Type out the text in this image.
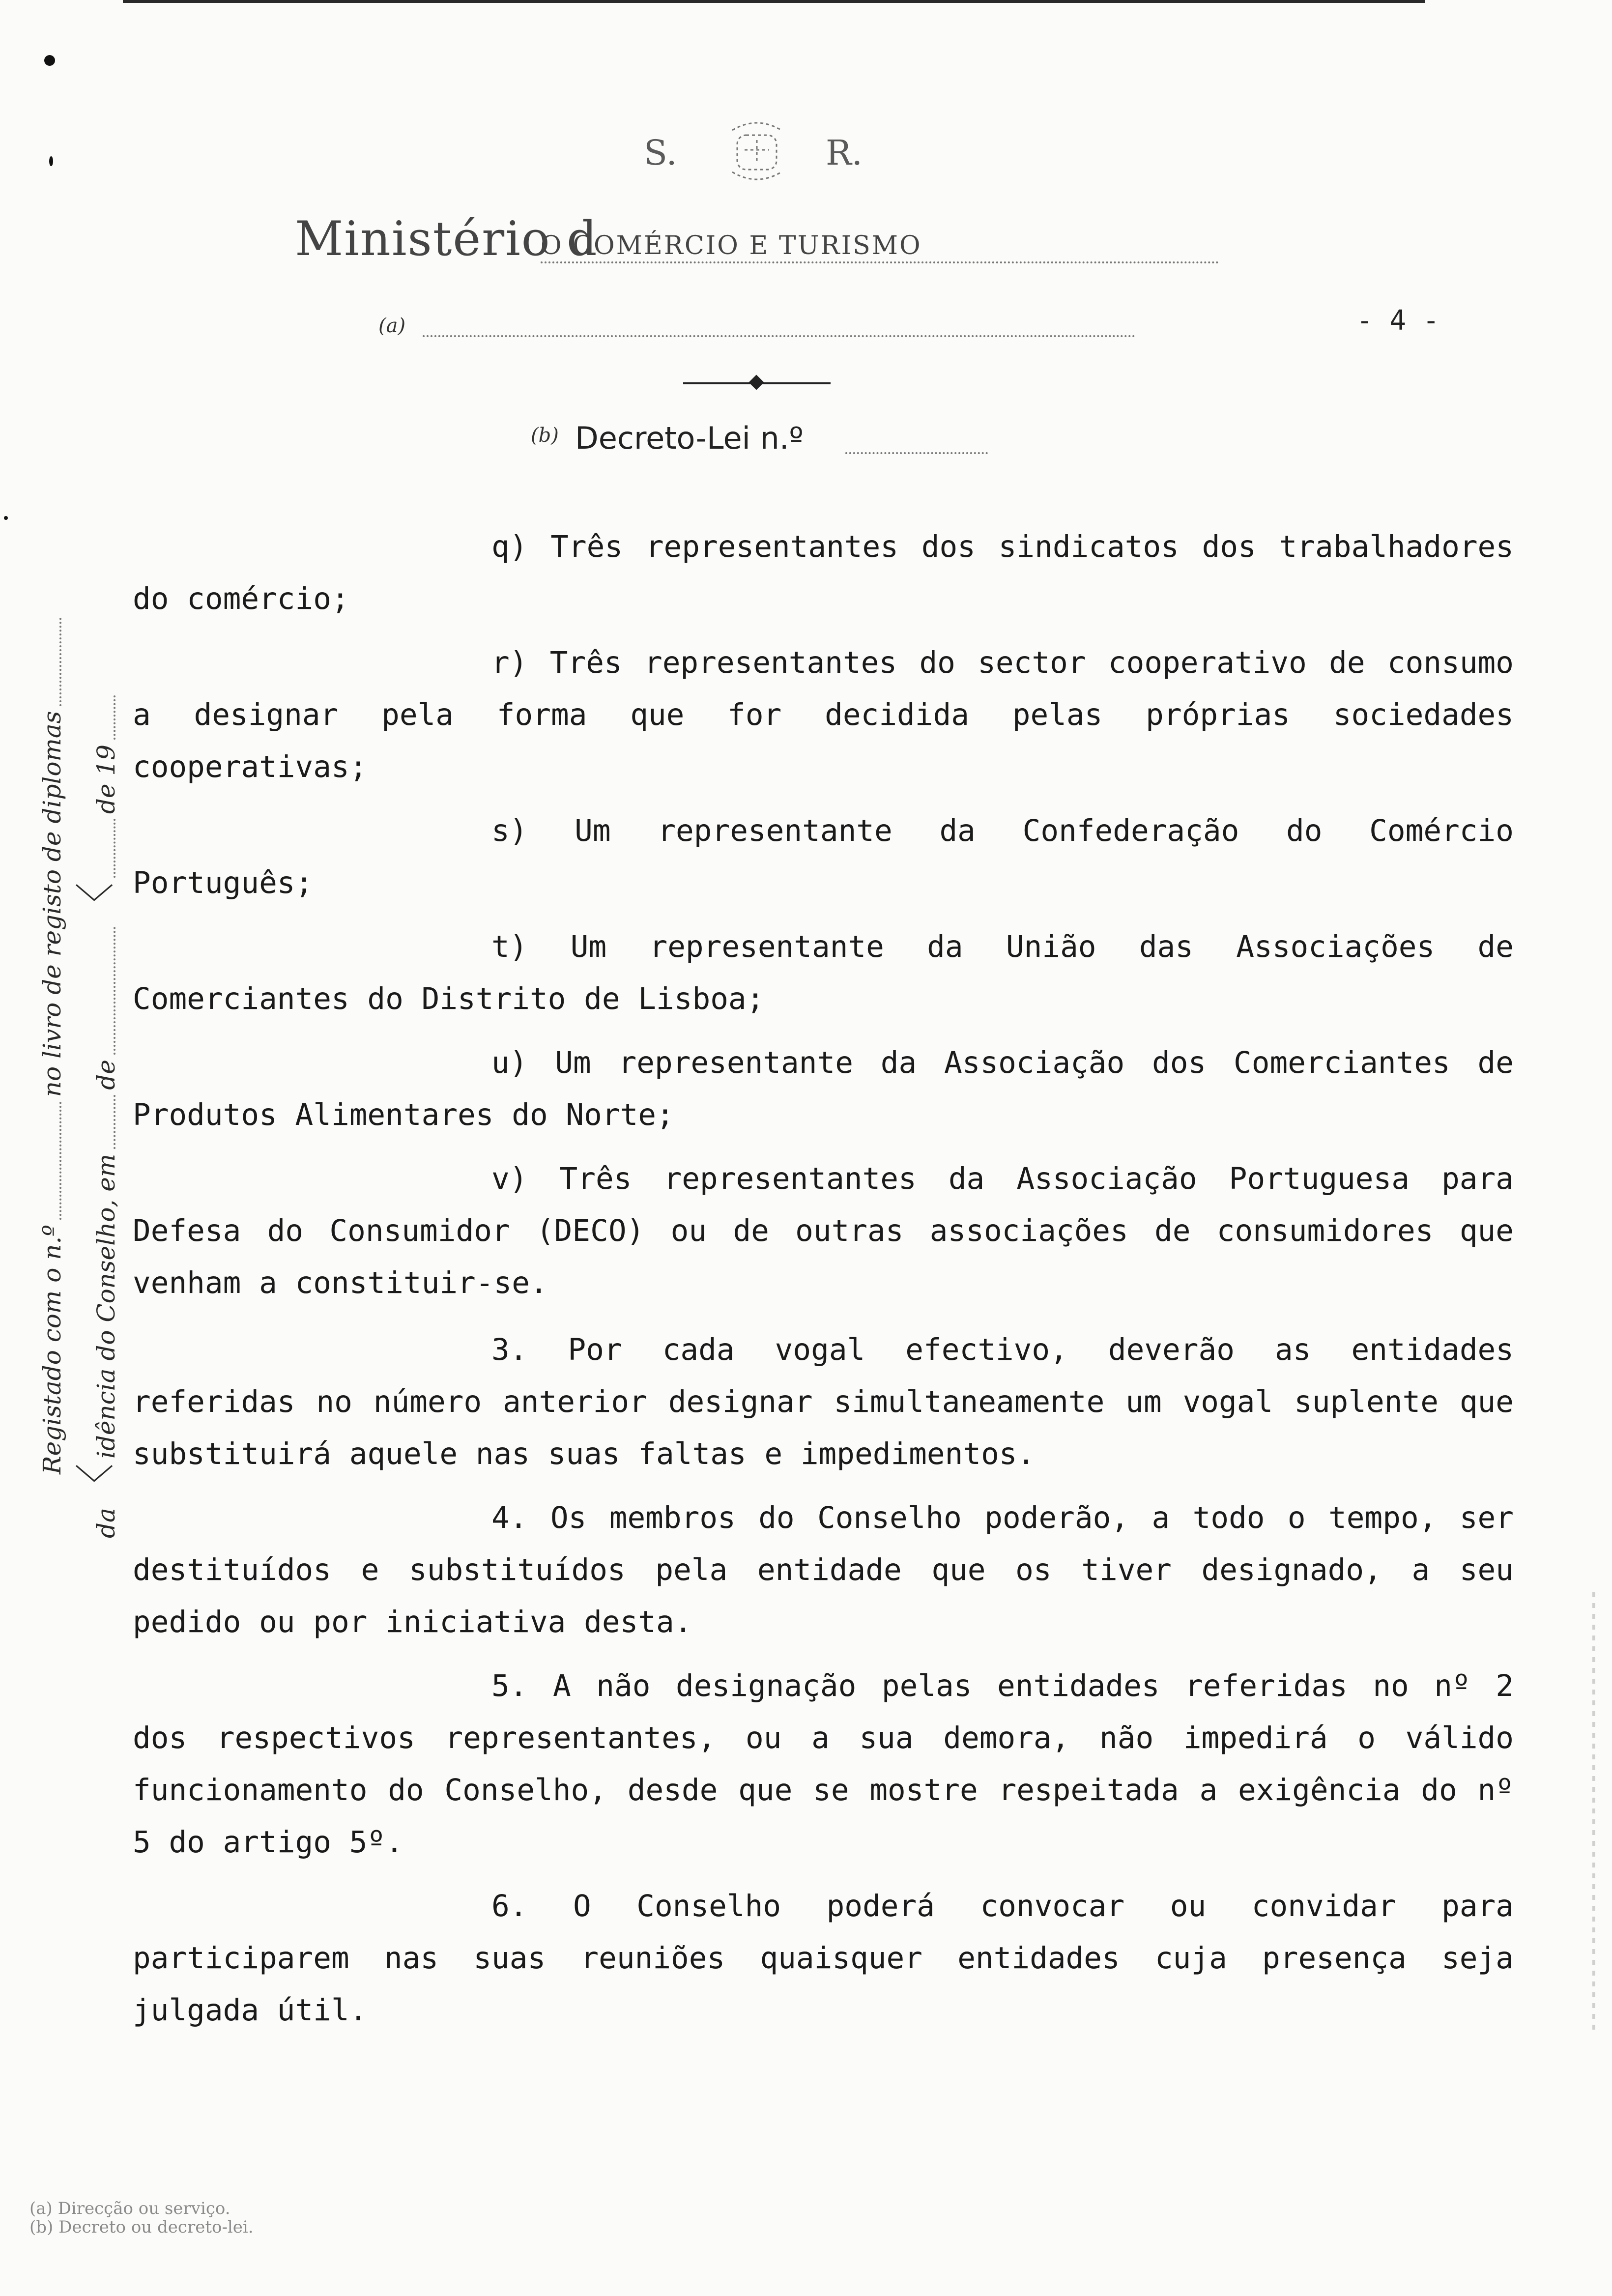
S.	R.
Ministério d
O COMÉRCIO E TURISMO
(a)	- 4 -
(b) Decreto-Lei n.º

q) Três representantes dos sindicatos dos trabalhadores do comércio;

r) Três representantes do sector cooperativo de consumo a designar pela forma que for decidida pelas próprias sociedades cooperativas;

s) Um representante da Confederação do Comércio Português;

t) Um representante da União das Associações de Comerciantes do Distrito de Lisboa;

u) Um representante da Associação dos Comerciantes de Produtos Alimentares do Norte;

v) Três representantes da Associação Portuguesa para Defesa do Consumidor (DECO) ou de outras associações de consumidores que venham a constituir-se.

3. Por cada vogal efectivo, deverão as entidades referidas no número anterior designar simultaneamente um vogal suplente que substituirá aquele nas suas faltas e impedimentos.

4. Os membros do Conselho poderão, a todo o tempo, ser destituídos e substituídos pela entidade que os tiver designado, a seu pedido ou por iniciativa desta.

5. A não designação pelas entidades referidas no nº 2 dos respectivos representantes, ou a sua demora, não impedirá o válido funcionamento do Conselho, desde que se mostre respeitada a exigência do nº 5 do artigo 5º.

6. O Conselho poderá convocar ou convidar para participarem nas suas reuniões quaisquer entidades cuja presença seja julgada útil.

Registado com o n.º
no livro de registo de diplomas
da
〈
idência do Conselho, em
de
〈
de 19
(a) Direcção ou serviço.
(b) Decreto ou decreto-lei.
